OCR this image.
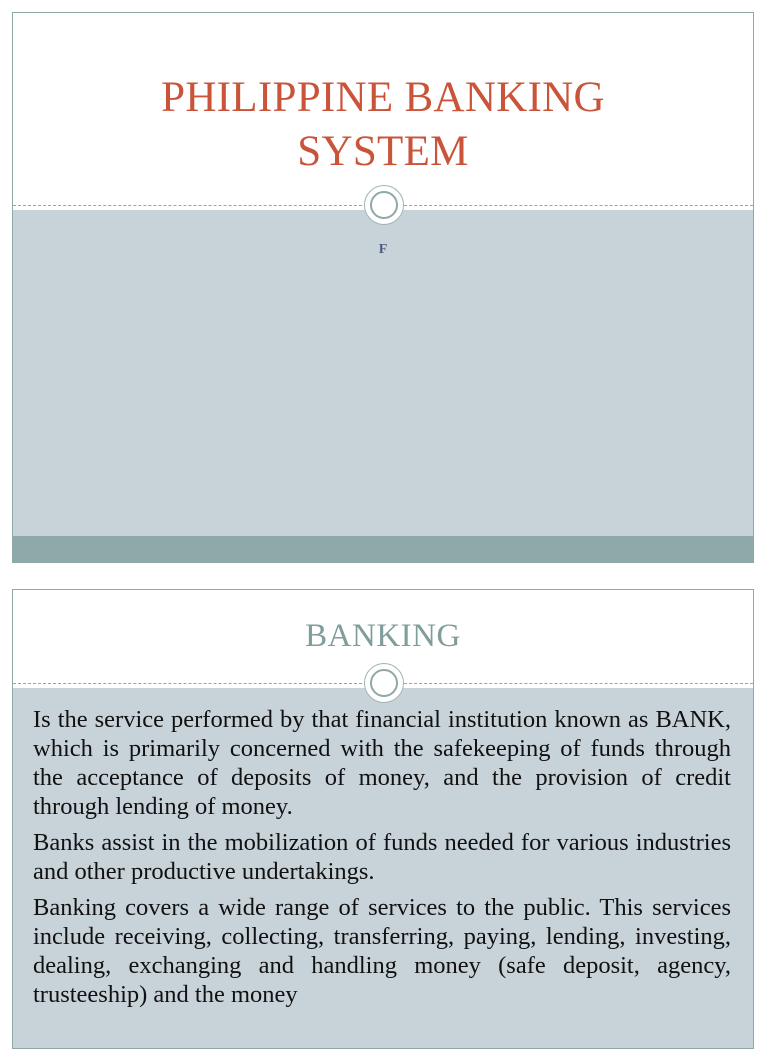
PHILIPPINE BANKING
SYSTEM
F
BANKING

Is the service performed by that financial institution known as BANK, which is primarily concerned with the safekeeping of funds through the acceptance of deposits of money, and the provision of credit through lending of money.

Banks assist in the mobilization of funds needed for various industries and other productive undertakings.

Banking covers a wide range of services to the public. This services include receiving, collecting, transferring, paying, lending, investing, dealing, exchanging and handling money (safe deposit, agency, trusteeship) and the money
